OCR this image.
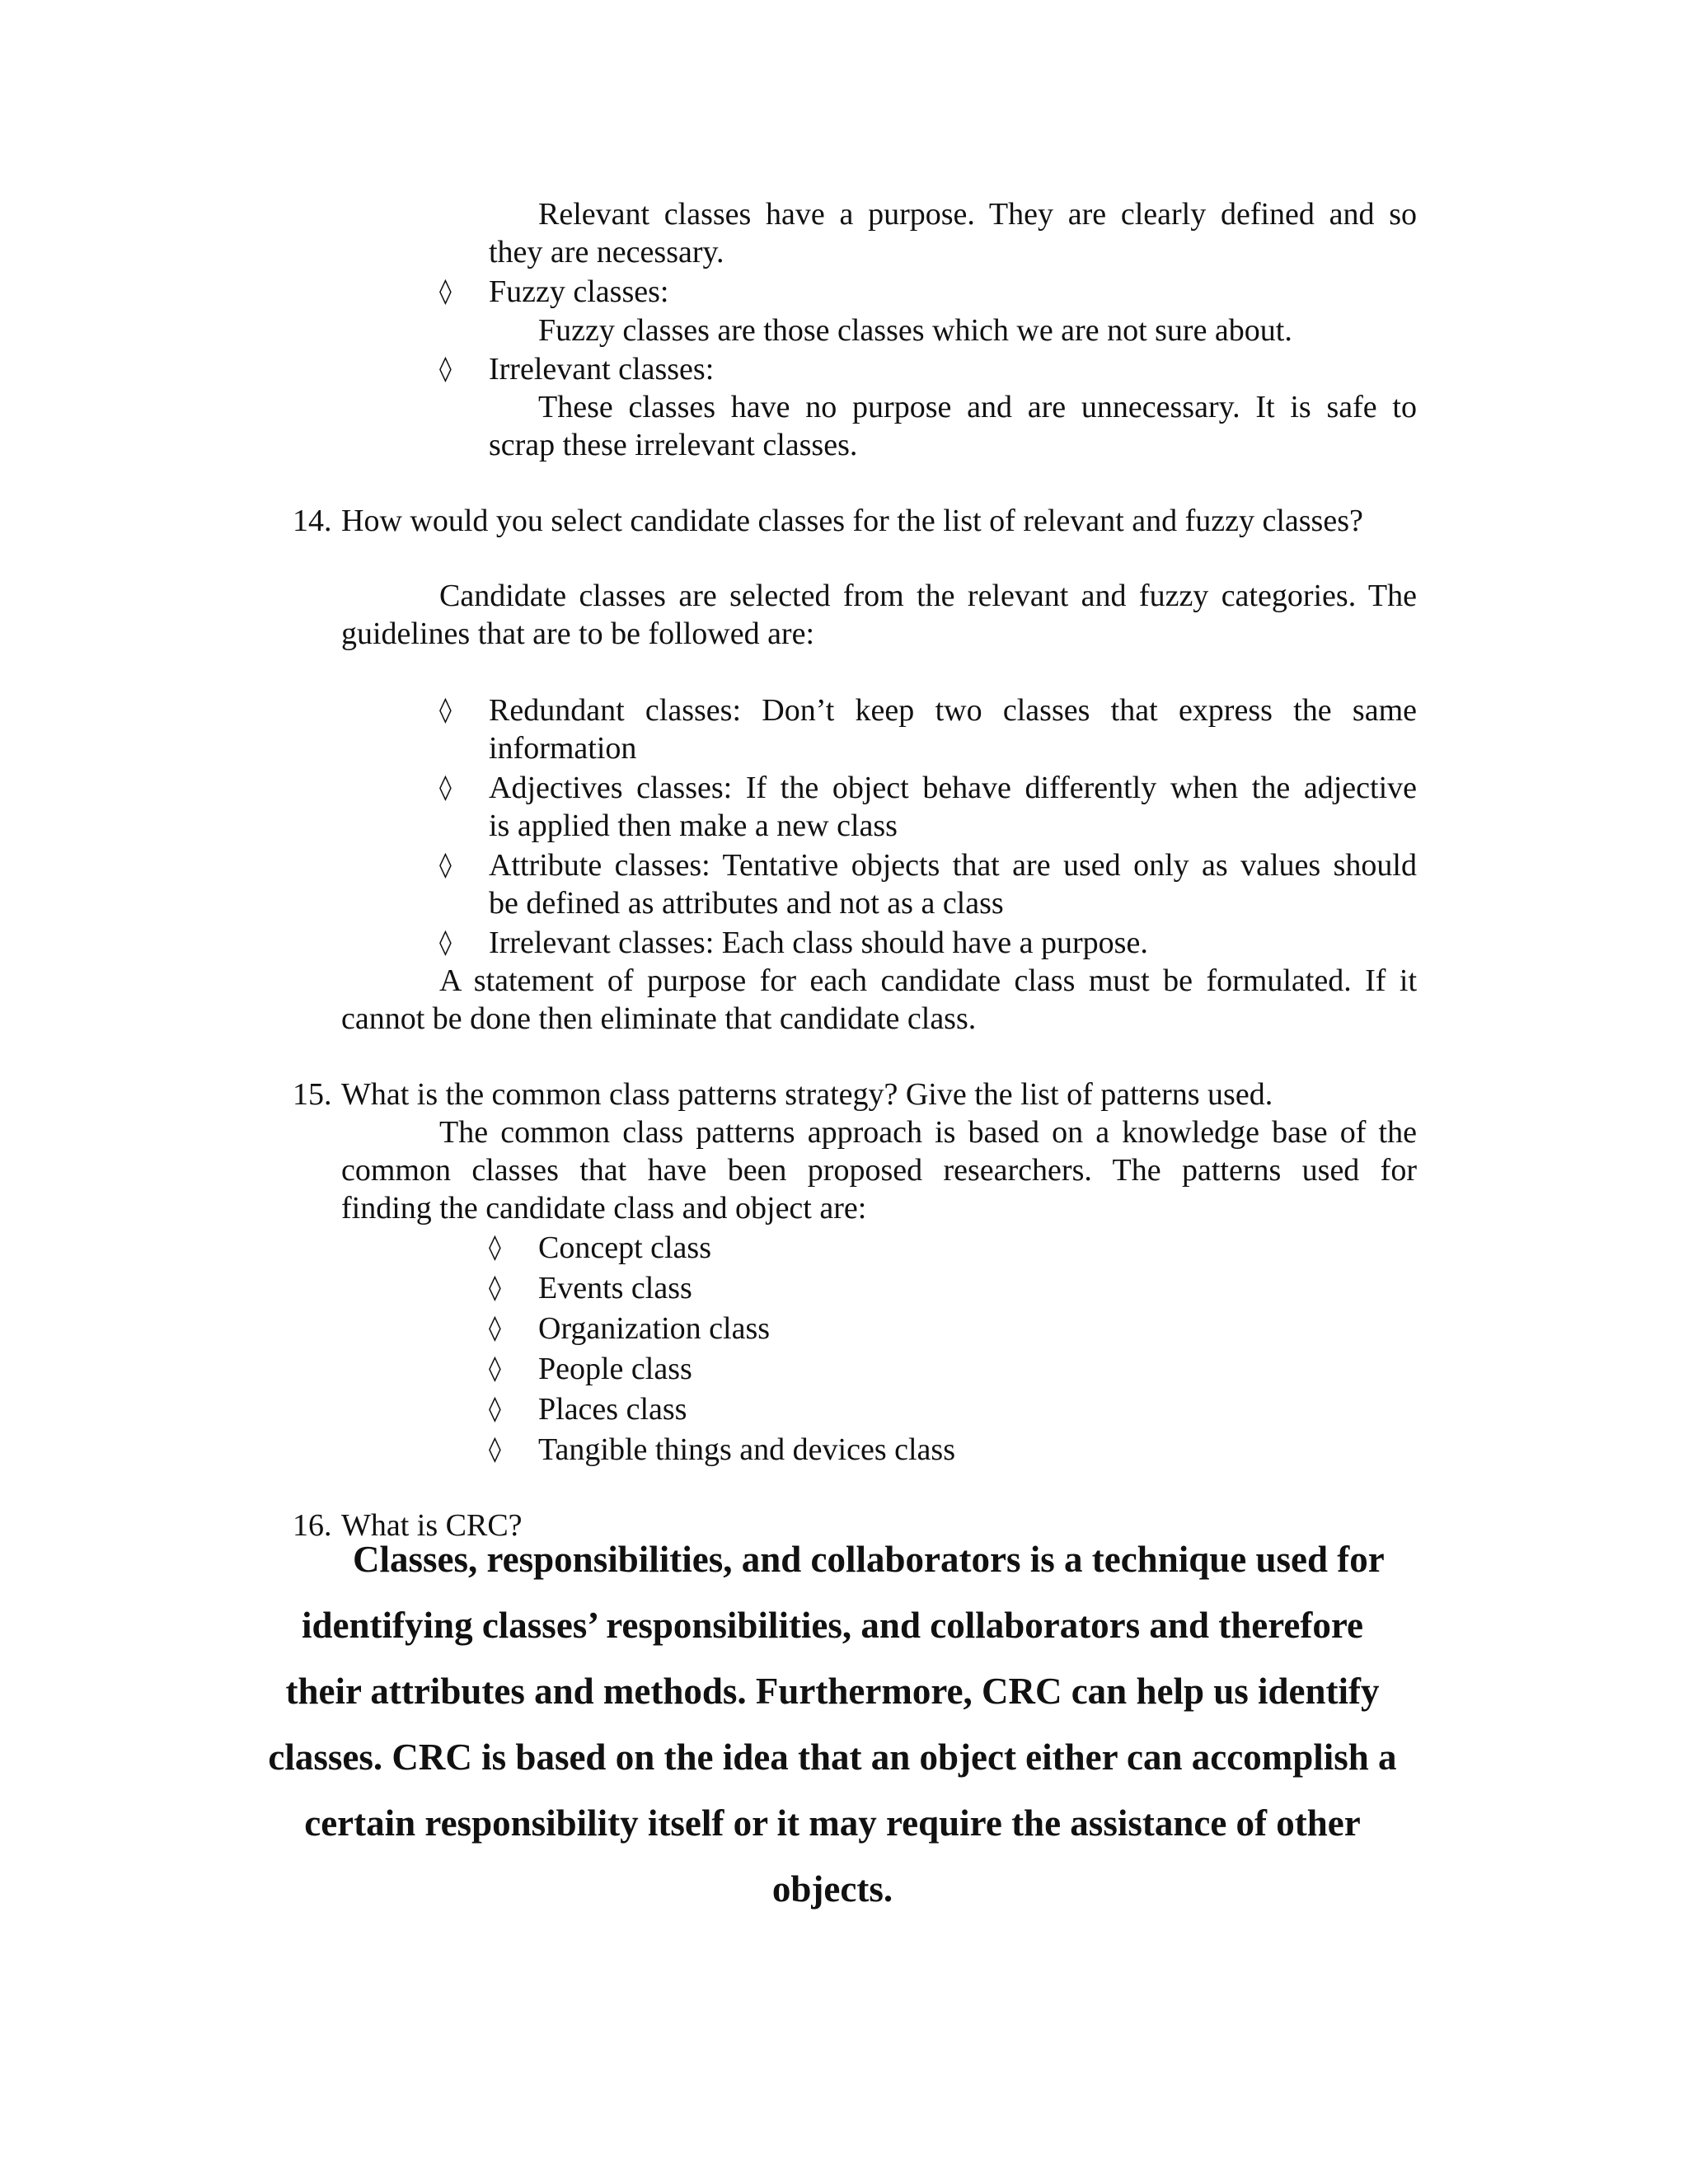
Relevant classes have a purpose. They are clearly defined and so
they are necessary.
◊ Fuzzy classes:
Fuzzy classes are those classes which we are not sure about.
◊ Irrelevant classes:
These classes have no purpose and are unnecessary. It is safe to
scrap these irrelevant classes.
14. How would you select candidate classes for the list of relevant and fuzzy classes?
Candidate classes are selected from the relevant and fuzzy categories. The
guidelines that are to be followed are:
◊ Redundant classes: Don’t keep two classes that express the same
information
◊ Adjectives classes: If the object behave differently when the adjective
is applied then make a new class
◊ Attribute classes: Tentative objects that are used only as values should
be defined as attributes and not as a class
◊ Irrelevant classes: Each class should have a purpose.
A statement of purpose for each candidate class must be formulated. If it
cannot be done then eliminate that candidate class.
15. What is the common class patterns strategy? Give the list of patterns used.
The common class patterns approach is based on a knowledge base of the
common classes that have been proposed researchers. The patterns used for
finding the candidate class and object are:
◊ Concept class
◊ Events class
◊ Organization class
◊ People class
◊ Places class
◊ Tangible things and devices class
16. What is CRC?
Classes, responsibilities, and collaborators is a technique used for
identifying classes’ responsibilities, and collaborators and therefore
their attributes and methods. Furthermore, CRC can help us identify
classes. CRC is based on the idea that an object either can accomplish a
certain responsibility itself or it may require the assistance of other
objects.
